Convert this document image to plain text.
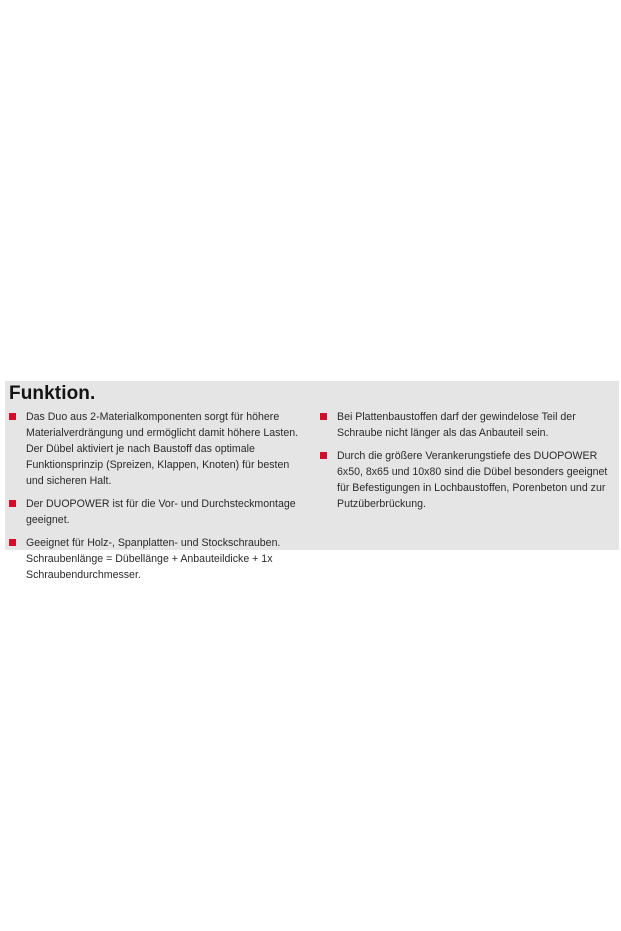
Funktion.
Das Duo aus 2-Materialkomponenten sorgt für höhere Materialverdrängung und ermöglicht damit höhere Lasten. Der Dübel aktiviert je nach Baustoff das optimale Funktionsprinzip (Spreizen, Klappen, Knoten) für besten und sicheren Halt.
Der DUOPOWER ist für die Vor- und Durchsteckmontage geeignet.
Geeignet für Holz-, Spanplatten- und Stockschrauben. Schraubenlänge = Dübellänge + Anbauteildicke + 1x Schraubendurchmesser.
Bei Plattenbaustoffen darf der gewindelose Teil der Schraube nicht länger als das Anbauteil sein.
Durch die größere Verankerungstiefe des DUOPOWER 6x50, 8x65 und 10x80 sind die Dübel besonders geeignet für Befestigungen in Lochbaustoffen, Porenbeton und zur Putzüberbrückung.
